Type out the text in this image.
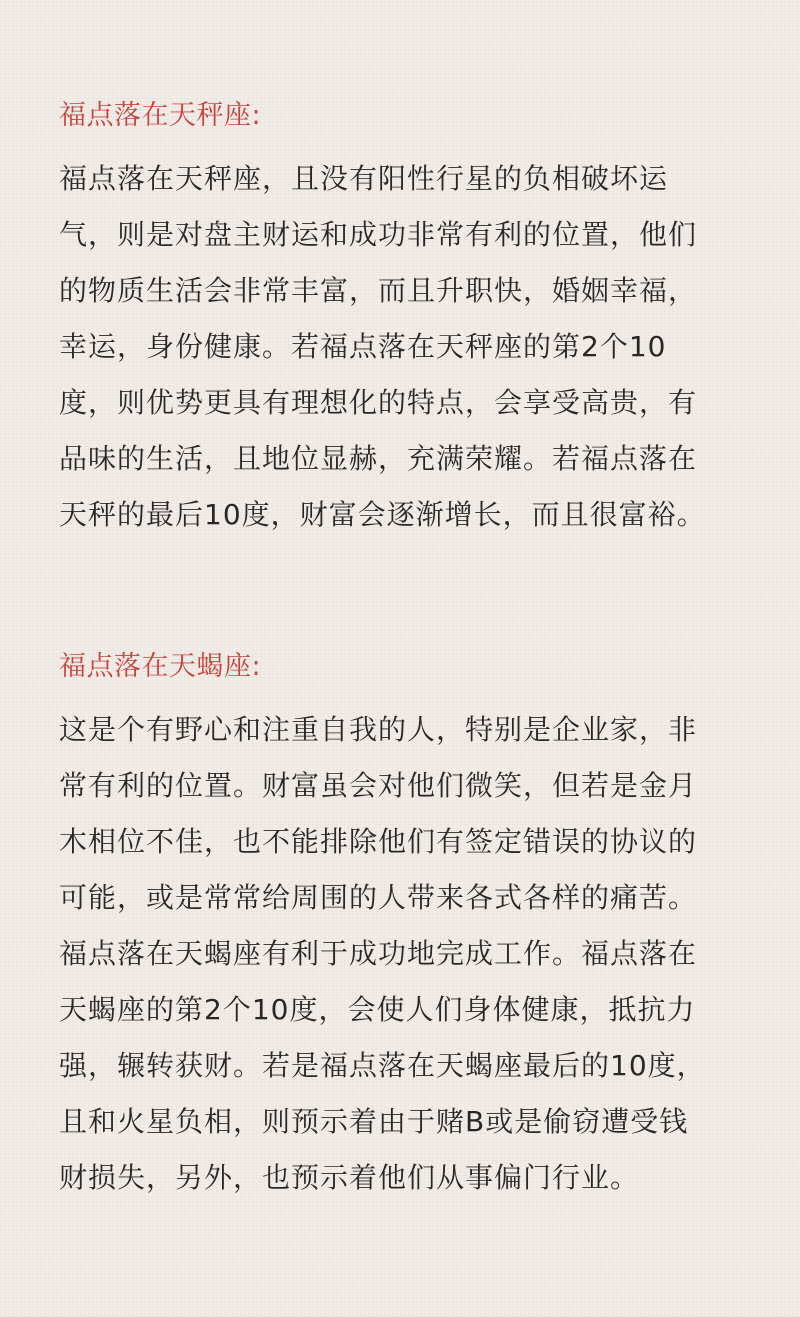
福点落在天秤座:

福点落在天秤座，且没有阳性行星的负相破坏运
气，则是对盘主财运和成功非常有利的位置，他们
的物质生活会非常丰富，而且升职快，婚姻幸福，
幸运，身份健康。若福点落在天秤座的第2个10
度，则优势更具有理想化的特点，会享受高贵，有
品味的生活，且地位显赫，充满荣耀。若福点落在
天秤的最后10度，财富会逐渐增长，而且很富裕。

福点落在天蝎座:

这是个有野心和注重自我的人，特别是企业家，非
常有利的位置。财富虽会对他们微笑，但若是金月
木相位不佳，也不能排除他们有签定错误的协议的
可能，或是常常给周围的人带来各式各样的痛苦。
福点落在天蝎座有利于成功地完成工作。福点落在
天蝎座的第2个10度，会使人们身体健康，抵抗力
强，辗转获财。若是福点落在天蝎座最后的10度，
且和火星负相，则预示着由于赌B或是偷窃遭受钱
财损失，另外，也预示着他们从事偏门行业。
